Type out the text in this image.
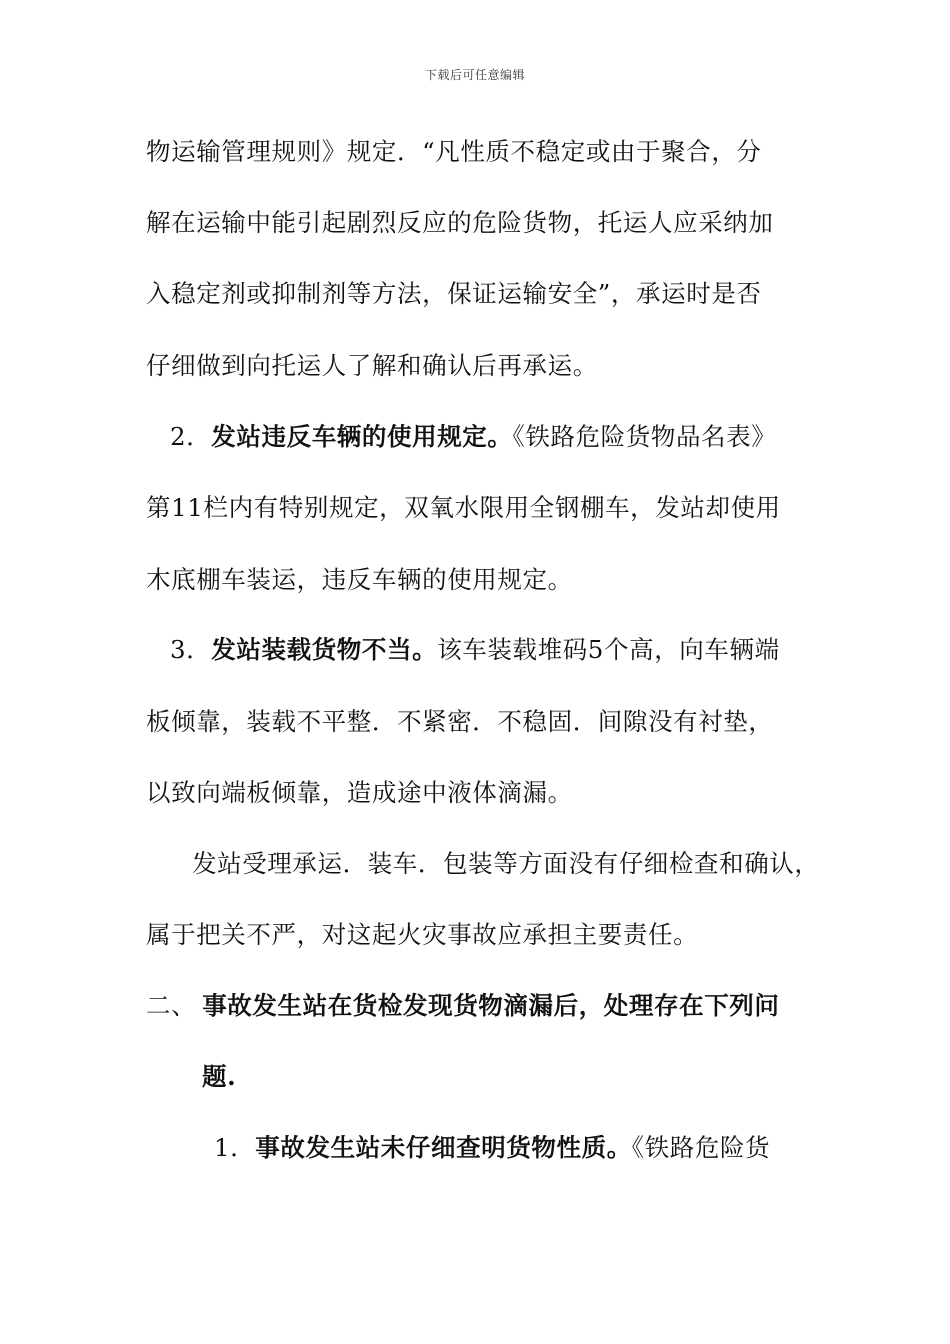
下载后可任意编辑
物运输管理规则》规定．“凡性质不稳定或由于聚合，分
解在运输中能引起剧烈反应的危险货物，托运人应采纳加
入稳定剂或抑制剂等方法，保证运输安全”，承运时是否
仔细做到向托运人了解和确认后再承运。
2．发站违反车辆的使用规定。《铁路危险货物品名表》
第11栏内有特别规定，双氧水限用全钢棚车，发站却使用
木底棚车装运，违反车辆的使用规定。
3．发站装载货物不当。该车装载堆码5个高，向车辆端
板倾靠，装载不平整．不紧密．不稳固．间隙没有衬垫，
以致向端板倾靠，造成途中液体滴漏。
发站受理承运．装车．包装等方面没有仔细检查和确认，
属于把关不严，对这起火灾事故应承担主要责任。
二、 事故发生站在货检发现货物滴漏后，处理存在下列问
题.
1．事故发生站未仔细查明货物性质。《铁路危险货
